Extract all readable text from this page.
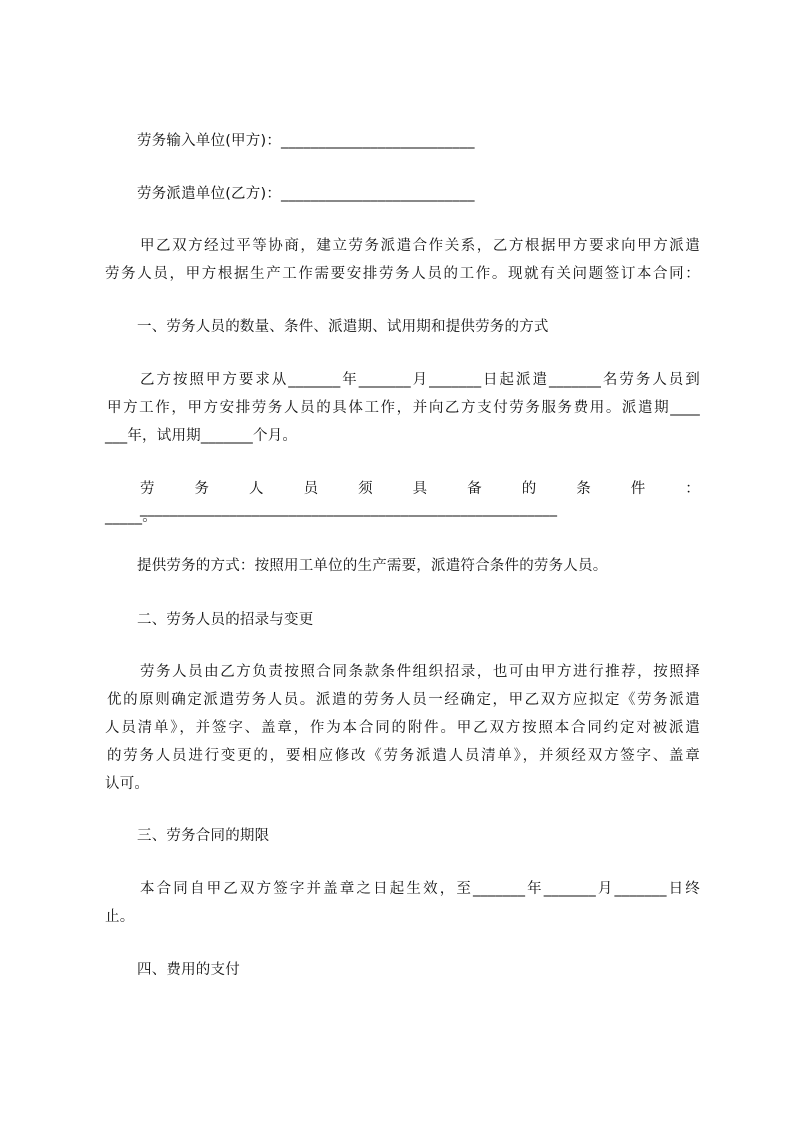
劳务输入单位(甲方)：__________________________
劳务派遣单位(乙方)：__________________________
甲乙双方经过平等协商，建立劳务派遣合作关系，乙方根据甲方要求向甲方派遣
劳务人员，甲方根据生产工作需要安排劳务人员的工作。现就有关问题签订本合同：
一、劳务人员的数量、条件、派遣期、试用期和提供劳务的方式
乙方按照甲方要求从_______年_______月_______日起派遣_______名劳务人员到
甲方工作，甲方安排劳务人员的具体工作，并向乙方支付劳务服务费用。派遣期____
___年，试用期_______个月。
劳务人员须具备的条件：________________________________________________________
_____。
提供劳务的方式：按照用工单位的生产需要，派遣符合条件的劳务人员。
二、劳务人员的招录与变更
劳务人员由乙方负责按照合同条款条件组织招录，也可由甲方进行推荐，按照择
优的原则确定派遣劳务人员。派遣的劳务人员一经确定，甲乙双方应拟定《劳务派遣
人员清单》，并签字、盖章，作为本合同的附件。甲乙双方按照本合同约定对被派遣
的劳务人员进行变更的，要相应修改《劳务派遣人员清单》，并须经双方签字、盖章
认可。
三、劳务合同的期限
本合同自甲乙双方签字并盖章之日起生效，至_______年_______月_______日终
止。
四、费用的支付
